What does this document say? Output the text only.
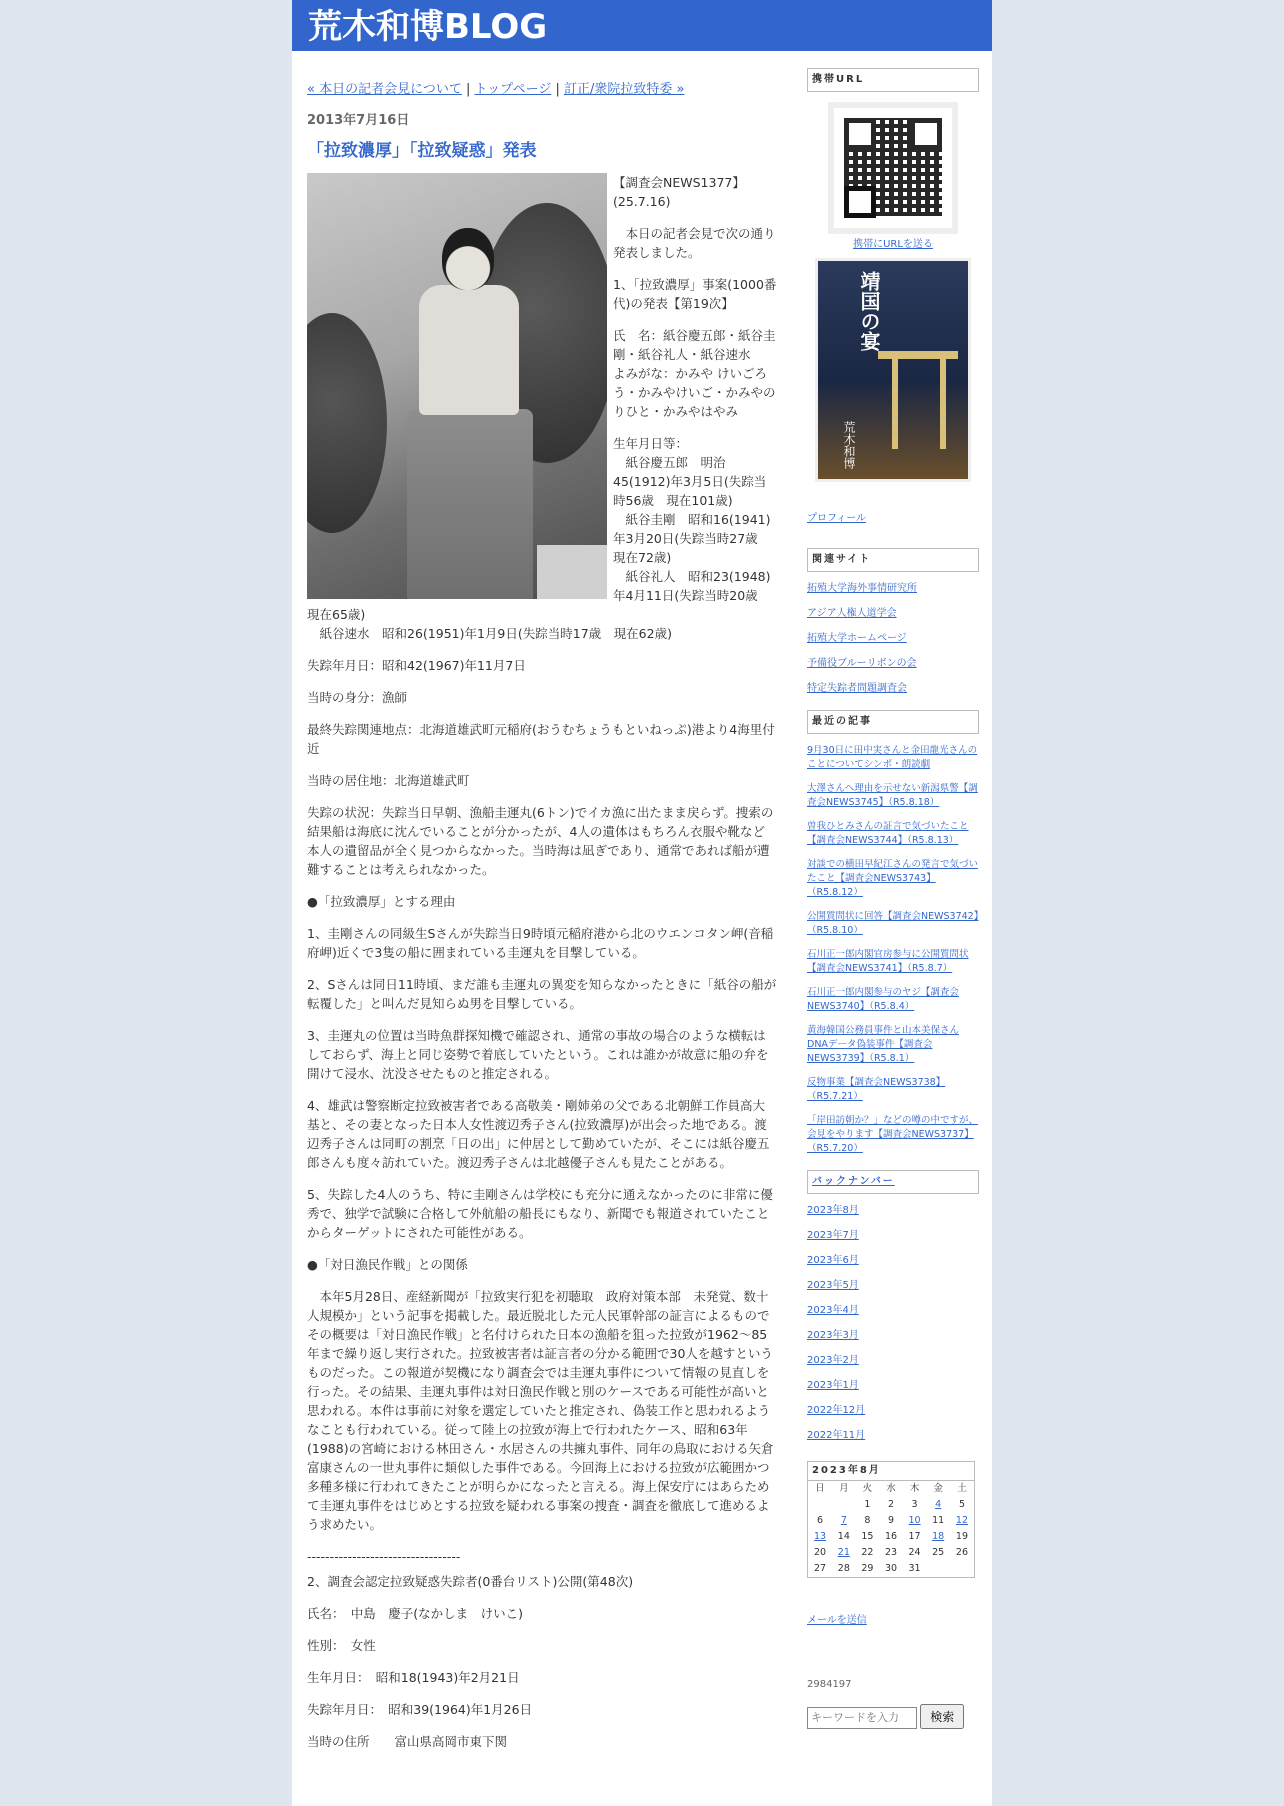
荒木和博BLOG
« 本日の記者会見について | トップページ | 訂正/衆院拉致特委 »
2013年7月16日
「拉致濃厚」「拉致疑惑」発表

【調査会NEWS1377】(25.7.16)

　本日の記者会見で次の通り発表しました。

1、「拉致濃厚」事案(1000番代)の発表【第19次】

氏　名：紙谷慶五郎・紙谷圭剛・紙谷礼人・紙谷速水
よみがな：かみや けいごろう・かみやけいご・かみやのりひと・かみやはやみ

生年月日等：
　紙谷慶五郎　明治45(1912)年3月5日(失踪当時56歳　現在101歳)
　紙谷圭剛　昭和16(1941)年3月20日(失踪当時27歳　現在72歳)
　紙谷礼人　昭和23(1948)年4月11日(失踪当時20歳　現在65歳)
　紙谷速水　昭和26(1951)年1月9日(失踪当時17歳　現在62歳)

失踪年月日：昭和42(1967)年11月7日

当時の身分：漁師

最終失踪関連地点：北海道雄武町元稲府(おうむちょうもといねっぷ)港より4海里付近

当時の居住地：北海道雄武町

失踪の状況：失踪当日早朝、漁船圭運丸(6トン)でイカ漁に出たまま戻らず。捜索の結果船は海底に沈んでいることが分かったが、4人の遺体はもちろん衣服や靴など本人の遺留品が全く見つからなかった。当時海は凪ぎであり、通常であれば船が遭難することは考えられなかった。

●「拉致濃厚」とする理由

1、圭剛さんの同級生Sさんが失踪当日9時頃元稲府港から北のウエンコタン岬(音稲府岬)近くで3隻の船に囲まれている圭運丸を目撃している。

2、Sさんは同日11時頃、まだ誰も圭運丸の異変を知らなかったときに「紙谷の船が転覆した」と叫んだ見知らぬ男を目撃している。

3、圭運丸の位置は当時魚群探知機で確認され、通常の事故の場合のような横転はしておらず、海上と同じ姿勢で着底していたという。これは誰かが故意に船の弁を開けて浸水、沈没させたものと推定される。

4、雄武は警察断定拉致被害者である高敬美・剛姉弟の父である北朝鮮工作員高大基と、その妻となった日本人女性渡辺秀子さん(拉致濃厚)が出会った地である。渡辺秀子さんは同町の割烹「日の出」に仲居として勤めていたが、そこには紙谷慶五郎さんも度々訪れていた。渡辺秀子さんは北越優子さんも見たことがある。

5、失踪した4人のうち、特に圭剛さんは学校にも充分に通えなかったのに非常に優秀で、独学で試験に合格して外航船の船長にもなり、新聞でも報道されていたことからターゲットにされた可能性がある。

●「対日漁民作戦」との関係

　本年5月28日、産経新聞が「拉致実行犯を初聴取　政府対策本部　未発覚、数十人規模か」という記事を掲載した。最近脱北した元人民軍幹部の証言によるものでその概要は「対日漁民作戦」と名付けられた日本の漁船を狙った拉致が1962〜85年まで繰り返し実行された。拉致被害者は証言者の分かる範囲で30人を越すというものだった。この報道が契機になり調査会では圭運丸事件について情報の見直しを行った。その結果、圭運丸事件は対日漁民作戦と別のケースである可能性が高いと思われる。本件は事前に対象を選定していたと推定され、偽装工作と思われるようなことも行われている。従って陸上の拉致が海上で行われたケース、昭和63年(1988)の宮崎における林田さん・水居さんの共擁丸事件、同年の鳥取における矢倉富康さんの一世丸事件に類似した事件である。今回海上における拉致が広範囲かつ多種多様に行われてきたことが明らかになったと言える。海上保安庁にはあらためて圭運丸事件をはじめとする拉致を疑われる事案の捜査・調査を徹底して進めるよう求めたい。

----------------------------------

2、調査会認定拉致疑惑失踪者(0番台リスト)公開(第48次)

氏名：　中島　慶子(なかしま　けいこ)

性別：　女性

生年月日：　昭和18(1943)年2月21日

失踪年月日：　昭和39(1964)年1月26日

当時の住所　　富山県高岡市東下関

携帯URL
携帯にURLを送る
靖国の宴
荒木和博
プロフィール
関連サイト
拓殖大学海外事情研究所
アジア人権人道学会
拓殖大学ホームページ
予備役ブルーリボンの会
特定失踪者問題調査会
最近の記事
9月30日に田中実さんと金田龍光さんのことについてシンポ・朗読劇
大澤さんへ理由を示せない新潟県警【調査会NEWS3745】（R5.8.18）
曽我ひとみさんの証言で気づいたこと【調査会NEWS3744】（R5.8.13）
対談での横田早紀江さんの発言で気づいたこと【調査会NEWS3743】（R5.8.12）
公開質問状に回答【調査会NEWS3742】（R5.8.10）
石川正一郎内閣官房参与に公開質問状【調査会NEWS3741】（R5.8.7）
石川正一郎内閣参与のヤジ【調査会NEWS3740】（R5.8.4）
黄海韓国公務員事件と山本美保さんDNAデータ偽装事件【調査会NEWS3739】（R5.8.1）
反物事業【調査会NEWS3738】（R5.7.21）
「岸田訪朝か？」などの噂の中ですが、会見をやります【調査会NEWS3737】（R5.7.20）
バックナンバー
2023年8月
2023年7月
2023年6月
2023年5月
2023年4月
2023年3月
2023年2月
2023年1月
2022年12月
2022年11月
2023年8月
日	月	火	水	木	金	土
		1	2	3	4	5
6	7	8	9	10	11	12
13	14	15	16	17	18	19
20	21	22	23	24	25	26
27	28	29	30	31		
メールを送信
2984197
キーワードを入力 検索
